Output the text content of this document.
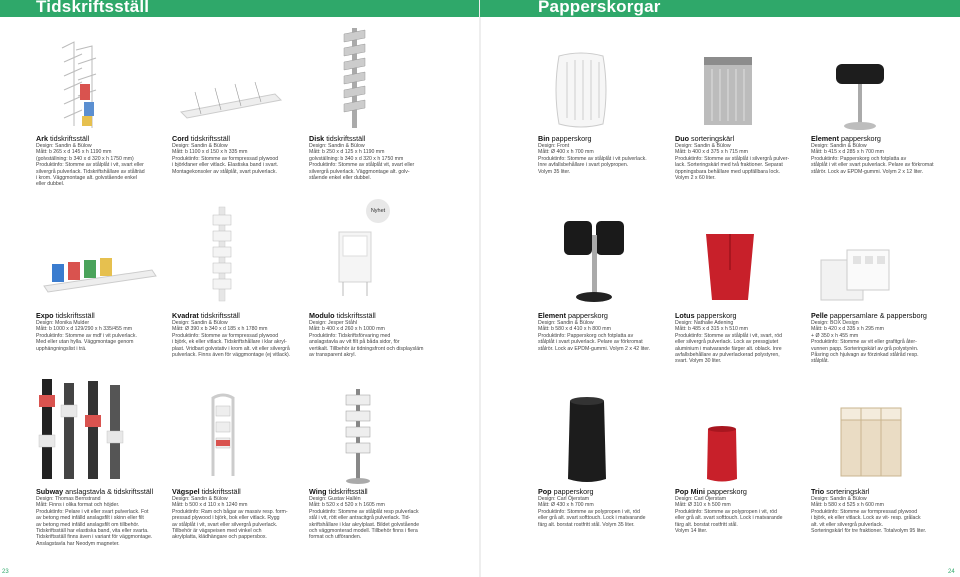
Tidskriftsställ

Ark tidskriftsställ

Design: Sandin & Bülow

Mått: b 265 x d 145 x h 1190 mm

(golvställning: b 340 x d 320 x h 1750 mm)

Produktinfo: Stomme av stålplåt i vit, svart eller

silvergrå pulverlack. Tidskriftshållare av stålträd

i krom. Väggmontage alt. golvstående enkel

eller dubbel.

Cord tidskriftsställ

Design: Sandin & Bülow

Mått: b 1100 x d 150 x h 335 mm

Produktinfo: Stomme av formpressad plywood

i björkfaner eller vitlack. Elastiska band i svart.

Montagekonsoler av stålplåt, svart pulverlack.

Disk tidskriftsställ

Design: Sandin & Bülow

Mått: b 250 x d 125 x h 1190 mm

golvställning: b 340 x d 320 x h 1750 mm

Produktinfo: Stomme av stålplåt vit, svart eller

silvergrå pulverlack. Väggmontage alt. golv-

stående enkel eller dubbel.

Nyhet

Expo tidskriftsställ

Design: Monika Mulder

Mått: b 1000 x d 129/290 x h 335/455 mm

Produktinfo: Stomme av mdf i vit pulverlack.

Med eller utan hylla. Väggmontage genom

upphängningslist i trä.

Kvadrat tidskriftsställ

Design: Sandin & Bülow

Mått: Ø 390 x b 340 x d 185 x h 1780 mm

Produktinfo: Stomme av formpressad plywood

i björk, ek eller vitlack. Tidskriftshållare i klar akryl-

plast. Vridbart golvstativ i krom alt. vit eller silvergrå

pulverlack. Finns även för väggmontage (ej vitlack).

Modulo tidskriftsställ

Design: Jesper Ståhl

Mått: b 400 x d 260 x h 1000 mm

Produktinfo: Tidskriftsförvaring med

anslagstavla av vit filt på båda sidor, för

vertikalt. Tillbehör är tidningsfront och displaysläm

av transparent akryl.

Subway anslagstavla & tidskriftsställ

Design: Thomas Bernstrand

Mått: Finns i olika format och höjder.

Produktinfo: Pelare i vit eller svart pulverlack. Fot

av betong med infälld anslagsfilt i skinn eller filt

av betong med infälld anslagsfilt om tillbehör.

Tidskriftsställ har elastiska band, vita eller svarta.

Tidskriftsställ finns även i variant för väggmontage.

Anslagstavla har Neodym magneter.

Vägspel tidskriftsställ

Design: Sandin & Bülow

Mått: b 500 x d 110 x h 1240 mm

Produktinfo: Ram och bågar av massiv resp. form-

pressad plywood i björk, bok eller vitlack. Rygg

av stålplåt i vit, svart eller silvergrå pulverlack.

Tillbehör är vägspeisen med vinkel och

akrylplatta, klädhängare och pappersbox.

Wing tidskriftsställ

Design: Gustav Hallén

Mått: b 520 x d 520 x h 1605 mm

Produktinfo: Stomme av stålplåt resp pulverlack

stål i vit, rött eller antracitgrå pulverlack. Tid-

skriftshållare i klar akrylplast. Bildet golvstående

och väggmonterad modell. Tillbehör finns i flera

format och utföranden.

23
Papperskorgar

Bin papperskorg

Design: Front

Mått: Ø 400 x h 700 mm

Produktinfo: Stomme av stålplåt i vit pulverlack.

Inre avfallsbehållare i svart polypropen.

Volym 35 liter.

Duo sorteringskärl

Design: Sandin & Bülow

Mått: b 400 x d 375 x h 715 mm

Produktinfo: Stomme av stålplåt i silvergrå pulver-

lack. Sorteringskärl med två fraktioner. Separat

öppningsbara behållare med uppfällbara lock.

Volym 2 x 60 liter.

Element papperskorg

Design: Sandin & Bülow

Mått: b 415 x d 285 x h 700 mm

Produktinfo: Papperskorg och fotplatta av

stålplåt i vit eller svart pulverlack. Pelare av förkromat

stålrör. Lock av EPDM-gummi. Volym 2 x 12 liter.

Element papperskorg

Design: Sandin & Bülow

Mått: b 580 x d 410 x h 800 mm

Produktinfo: Papperskorg och fotplatta av

stålplåt i svart pulverlack. Pelare av förkromat

stålrör. Lock av EPDM-gummi. Volym 2 x 42 liter.

Lotus papperskorg

Design: Nathalie Adening

Mått: b 485 x d 315 x h 510 mm

Produktinfo: Stomme av stålplåt i vit, svart, röd

eller silvergrå pulverlack. Lock av pressgjutet

aluminium i matvarande färger alt. oblack. Inre

avfallsbehållare av pulverlackerad polystyren,

svart. Volym 30 liter.

Pelle pappersamlare & pappersborg

Design: BOX Design

Mått: b 420 x d 335 x h 295 mm

+ Ø 350 x h 455 mm

Produktinfo: Stomme av vit eller grafitgrå åter-

vunnen papp. Sorteringskärl av grå polystyrén.

Påsring och hjulvagn av förzinkad stålråd resp.

stålplåt.

Pop papperskorg

Design: Carl Öjerstam

Mått: Ø 430 x h 700 mm

Produktinfo: Stomme av polypropen i vit, röd

eller grå alt. svart softtouch. Lock i matvarande

färg alt. borstat rostfritt stål. Volym 35 liter.

Pop Mini papperskorg

Design: Carl Öjerstam

Mått: Ø 310 x h 500 mm

Produktinfo: Stomme av polypropen i vit, röd

eller grå alt. svart softtouch. Lock i matvarande

färg alt. borstat rostfritt stål.

Volym 14 liter.

Trio sorteringskärl

Design: Sandin & Bülow

Mått: b 580 x d 525 x h 600 mm

Produktinfo: Stomme av formpressad plywood

i björk, ek eller vitlack. Lock av vit- resp. grålack

alt. vit eller silvergrå pulverlack.

Sorteringskärl för tre fraktioner. Totalvolym 95 liter.

24
